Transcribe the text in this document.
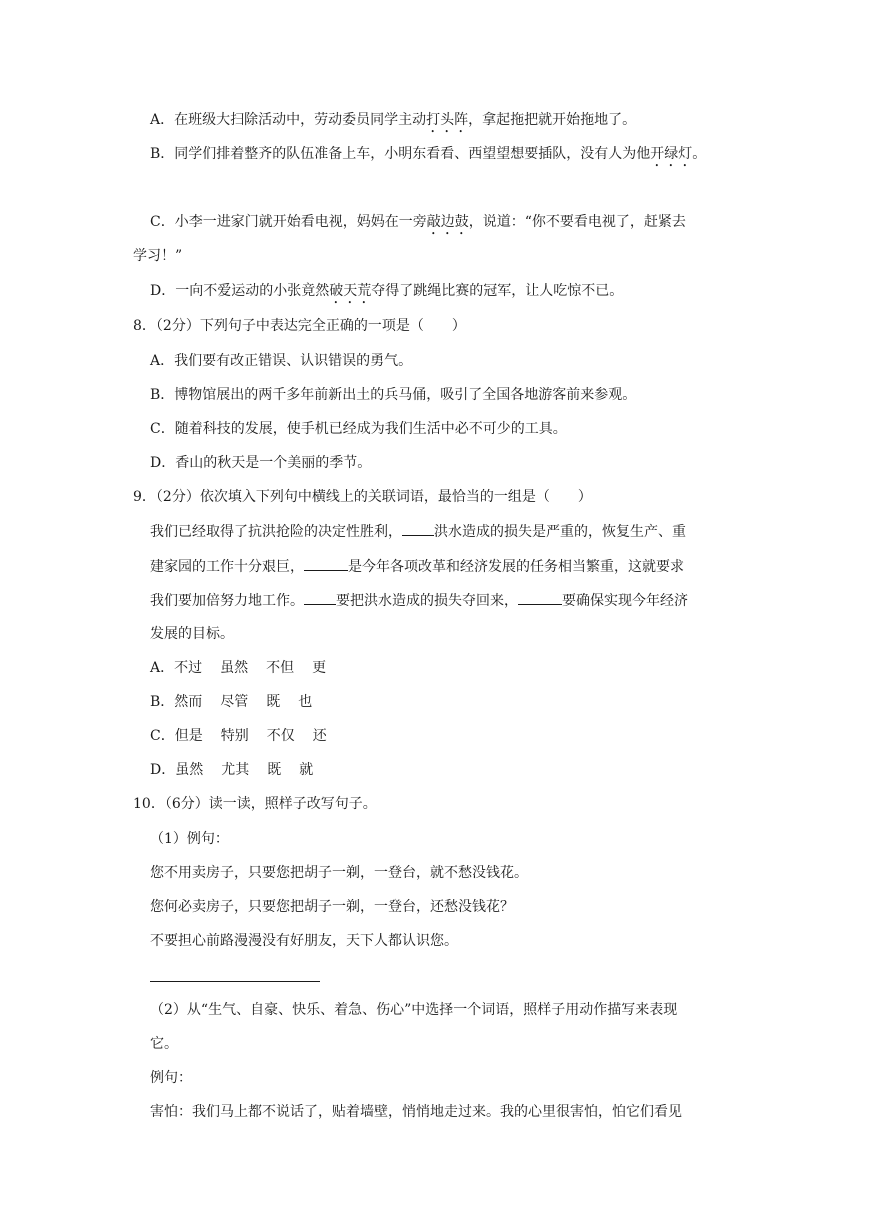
A．在班级大扫除活动中，劳动委员同学主动打头阵，拿起拖把就开始拖地了。
B．同学们排着整齐的队伍准备上车，小明东看看、西望望想要插队，没有人为他开绿灯。
C．小李一进家门就开始看电视，妈妈在一旁敲边鼓，说道：“你不要看电视了，赶紧去
学习！”
D．一向不爱运动的小张竟然破天荒夺得了跳绳比赛的冠军，让人吃惊不已。
8．（2分）下列句子中表达完全正确的一项是（　　）
A．我们要有改正错误、认识错误的勇气。
B．博物馆展出的两千多年前新出土的兵马俑，吸引了全国各地游客前来参观。
C．随着科技的发展，使手机已经成为我们生活中必不可少的工具。
D．香山的秋天是一个美丽的季节。
9．（2分）依次填入下列句中横线上的关联词语，最恰当的一组是（　　）
我们已经取得了抗洪抢险的决定性胜利， 洪水造成的损失是严重的，恢复生产、重
建家园的工作十分艰巨，	是今年各项改革和经济发展的任务相当繁重，这就要求
我们要加倍努力地工作。 要把洪水造成的损失夺回来，	要确保实现今年经济
发展的目标。
A．不过 虽然 不但 更
B．然而 尽管 既 也
C．但是 特别 不仅 还
D．虽然 尤其 既 就
10．（6分）读一读，照样子改写句子。
（1）例句：
您不用卖房子，只要您把胡子一剃，一登台，就不愁没钱花。
您何必卖房子，只要您把胡子一剃，一登台，还愁没钱花？
不要担心前路漫漫没有好朋友，天下人都认识您。
（2）从“生气、自豪、快乐、着急、伤心”中选择一个词语，照样子用动作描写来表现
它。
例句：
害怕：我们马上都不说话了，贴着墙壁，悄悄地走过来。我的心里很害怕，怕它们看见
